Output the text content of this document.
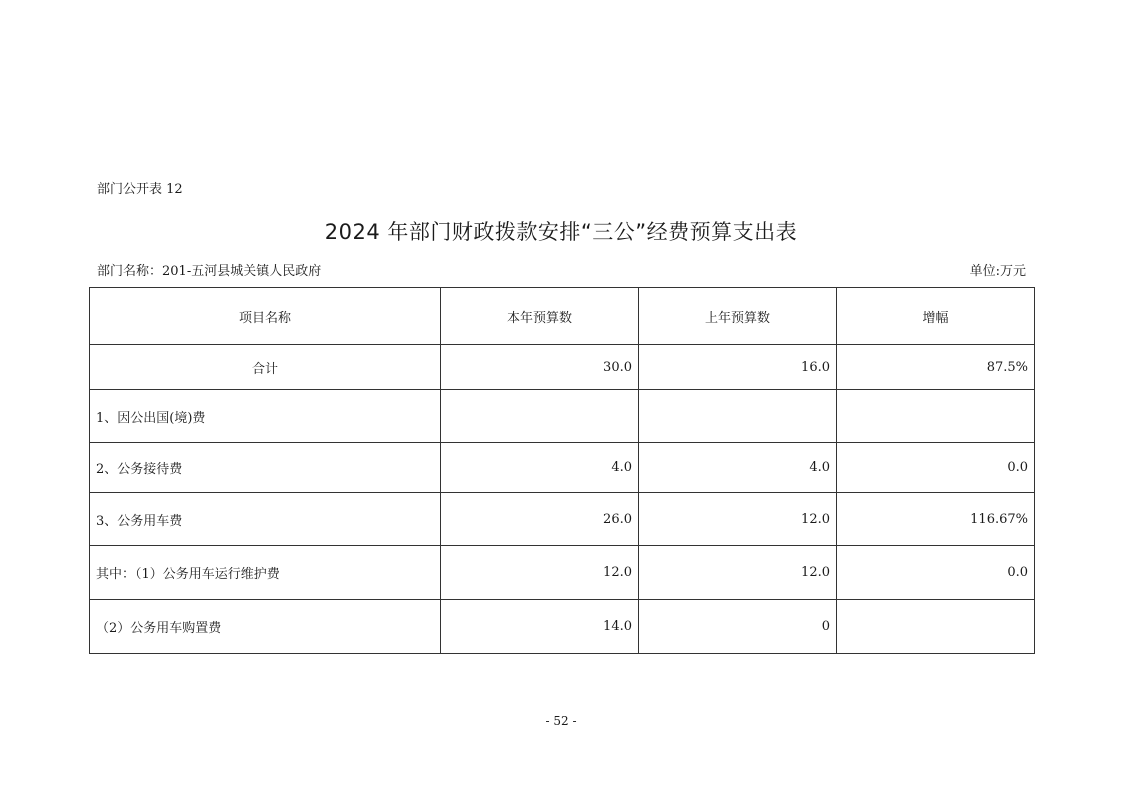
部门公开表 12
2024 年部门财政拨款安排“三公”经费预算支出表
部门名称：201-五河县城关镇人民政府	单位:万元
项目名称	本年预算数	上年预算数	增幅
合计	30.0	16.0	87.5%
1、因公出国(境)费			
2、公务接待费	4.0	4.0	0.0
3、公务用车费	26.0	12.0	116.67%
其中：（1）公务用车运行维护费	12.0	12.0	0.0
（2）公务用车购置费	14.0	0	
- 52 -
